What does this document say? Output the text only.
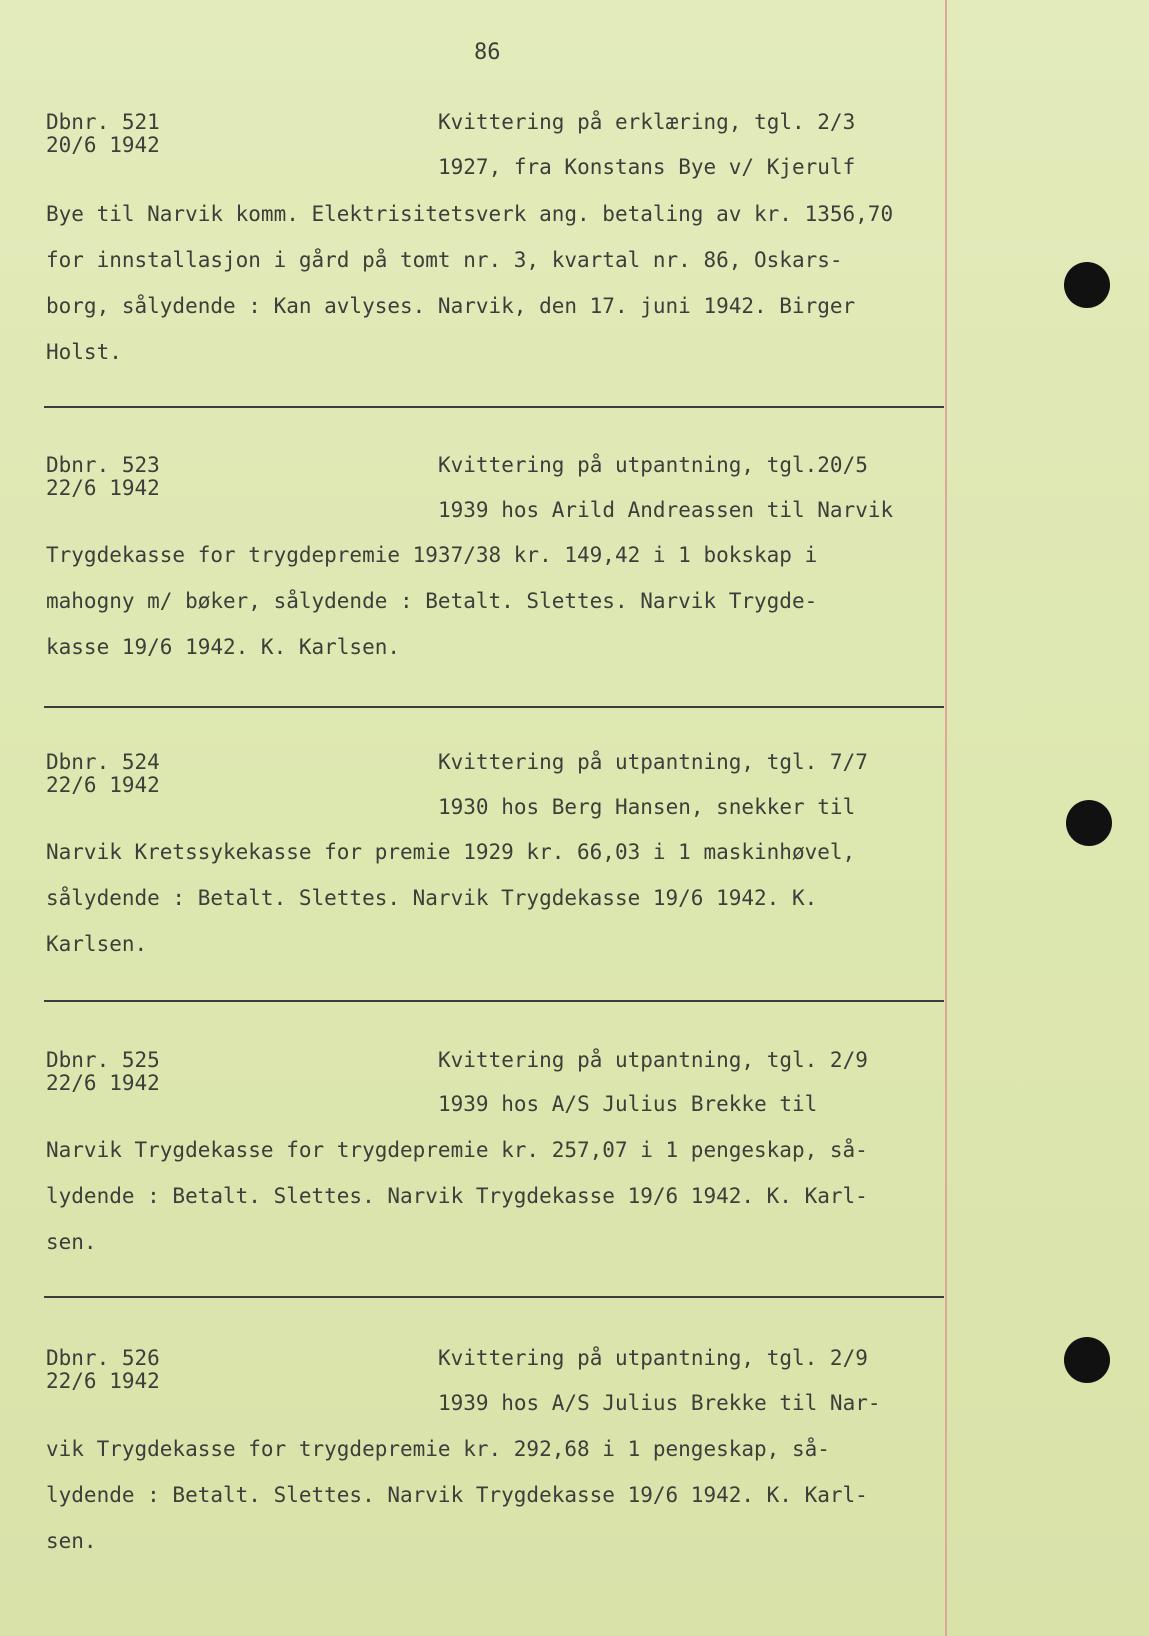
86
Dbnr. 521
20/6 1942
Kvittering på erklæring, tgl. 2/3
1927, fra Konstans Bye v/ Kjerulf
Bye til Narvik komm. Elektrisitetsverk ang. betaling av kr. 1356,70
for innstallasjon i gård på tomt nr. 3, kvartal nr. 86, Oskars-
borg, sålydende : Kan avlyses. Narvik, den 17. juni 1942. Birger
Holst.
Dbnr. 523
22/6 1942
Kvittering på utpantning, tgl.20/5
1939 hos Arild Andreassen til Narvik
Trygdekasse for trygdepremie 1937/38 kr. 149,42 i 1 bokskap i
mahogny m/ bøker, sålydende : Betalt. Slettes. Narvik Trygde-
kasse 19/6 1942. K. Karlsen.
Dbnr. 524
22/6 1942
Kvittering på utpantning, tgl. 7/7
1930 hos Berg Hansen, snekker til
Narvik Kretssykekasse for premie 1929 kr. 66,03 i 1 maskinhøvel,
sålydende : Betalt. Slettes. Narvik Trygdekasse 19/6 1942. K.
Karlsen.
Dbnr. 525
22/6 1942
Kvittering på utpantning, tgl. 2/9
1939 hos A/S Julius Brekke til
Narvik Trygdekasse for trygdepremie kr. 257,07 i 1 pengeskap, så-
lydende : Betalt. Slettes. Narvik Trygdekasse 19/6 1942. K. Karl-
sen.
Dbnr. 526
22/6 1942
Kvittering på utpantning, tgl. 2/9
1939 hos A/S Julius Brekke til Nar-
vik Trygdekasse for trygdepremie kr. 292,68 i 1 pengeskap, så-
lydende : Betalt. Slettes. Narvik Trygdekasse 19/6 1942. K. Karl-
sen.
